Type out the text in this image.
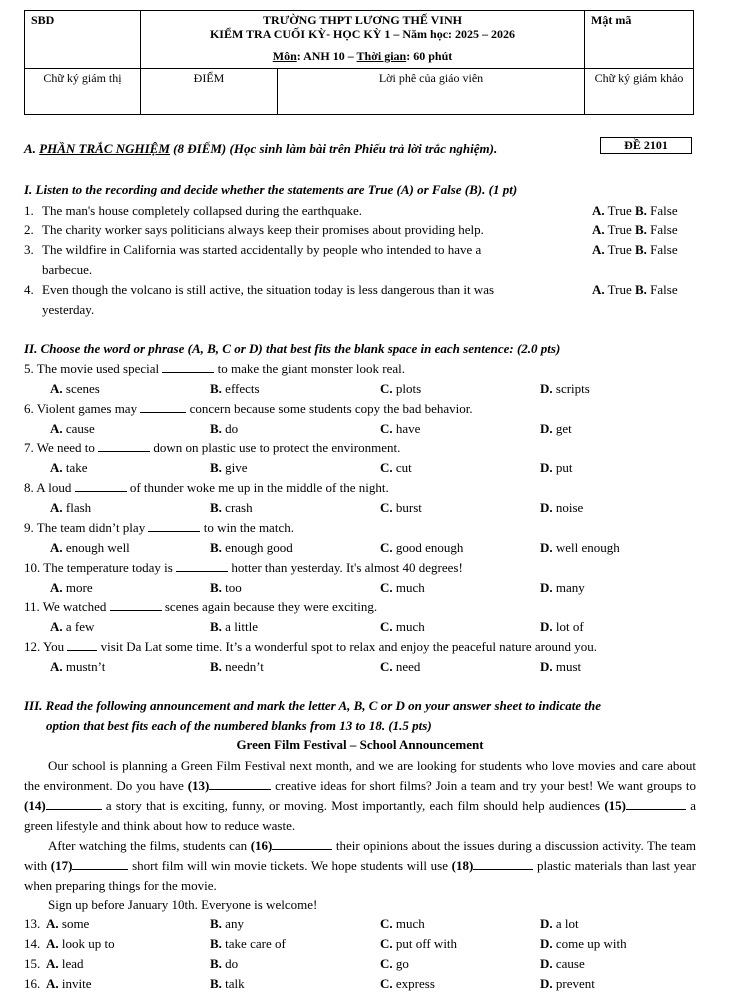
SBD	TRƯỜNG THPT LƯƠNG THẾ VINH
KIỂM TRA CUỐI KỲ- HỌC KỲ 1 – Năm học: 2025 – 2026
Môn: ANH 10 – Thời gian: 60 phút		Mật mã
Chữ ký giám thị	ĐIỂM	Lời phê của giáo viên	Chữ ký giám khảo
A. PHẦN TRẮC NGHIỆM (8 ĐIỂM) (Học sinh làm bài trên Phiếu trả lời trắc nghiệm).	ĐỀ 2101
I. Listen to the recording and decide whether the statements are True (A) or False (B). (1 pt)
1. The man's house completely collapsed during the earthquake.	A. True B. False
2. The charity worker says politicians always keep their promises about providing help.	A. True B. False
3. The wildfire in California was started accidentally by people who intended to have a	A. True B. False
barbecue.
4. Even though the volcano is still active, the situation today is less dangerous than it was	A. True B. False
yesterday.
II. Choose the word or phrase (A, B, C or D) that best fits the blank space in each sentence: (2.0 pts)
5. The movie used special	to make the giant monster look real.
A. scenes	B. effects	C. plots	D. scripts
6. Violent games may	concern because some students copy the bad behavior.
A. cause	B. do	C. have	D. get
7. We need to	down on plastic use to protect the environment.
A. take	B. give	C. cut	D. put
8. A loud	of thunder woke me up in the middle of the night.
A. flash	B. crash	C. burst	D. noise
9. The team didn’t play	to win the match.
A. enough well	B. enough good	C. good enough	D. well enough
10. The temperature today is	hotter than yesterday. It's almost 40 degrees!
A. more	B. too	C. much	D. many
11. We watched	scenes again because they were exciting.
A. a few	B. a little	C. much	D. lot of
12. You  visit Da Lat some time. It’s a wonderful spot to relax and enjoy the peaceful nature around you.
A. mustn’t	B. needn’t	C. need	D. must
III. Read the following announcement and mark the letter A, B, C or D on your answer sheet to indicate the
option that best fits each of the numbered blanks from 13 to 18. (1.5 pts)
Green Film Festival – School Announcement
Our school is planning a Green Film Festival next month, and we are looking for students who love movies and care about the environment. Do you have (13)	creative ideas for short films? Join a team and try your best! We want groups to (14)	a story that is exciting, funny, or moving. Most importantly, each film should help audiences (15)	a green lifestyle and think about how to reduce waste.
After watching the films, students can (16)	their opinions about the issues during a discussion activity. The team with (17)	short film will win movie tickets. We hope students will use (18)	plastic materials than last year when preparing things for the movie.
Sign up before January 10th. Everyone is welcome!
13. A. some	B. any	C. much	D. a lot
14. A. look up to	B. take care of	C. put off with	D. come up with
15. A. lead	B. do	C. go	D. cause
16. A. invite	B. talk	C. express	D. prevent
